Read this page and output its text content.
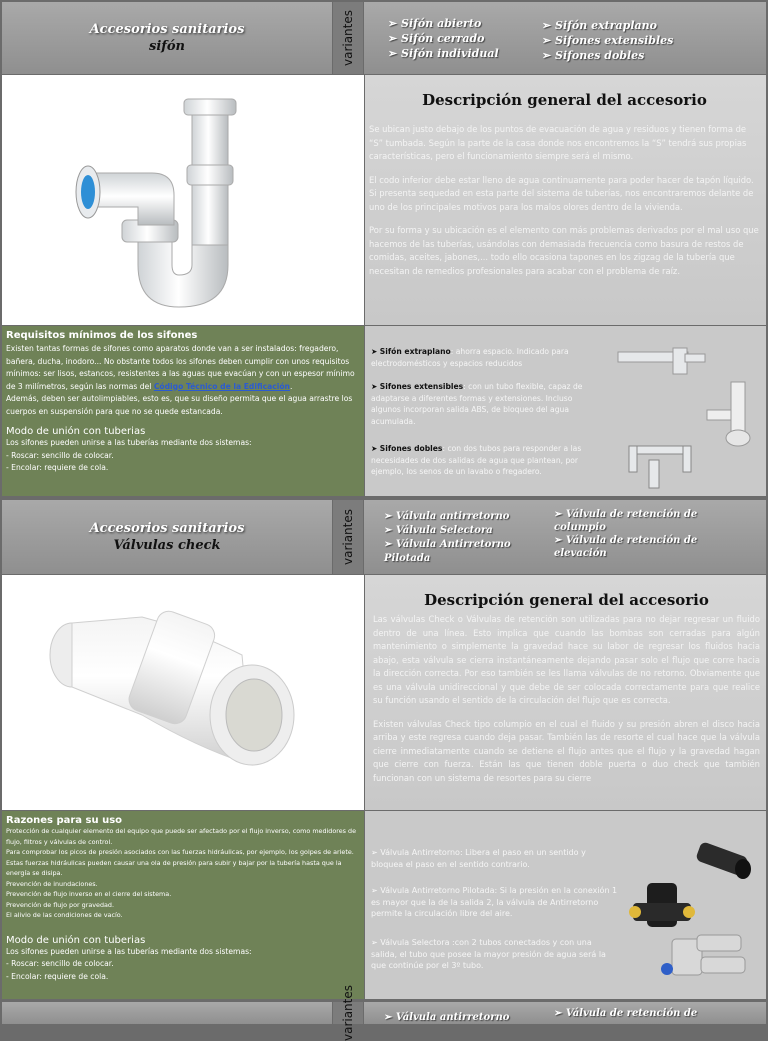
Accesorios sanitarios
sifón	variantes	➢ Sifón abierto
➢ Sifón cerrado
➢ Sifón individual
➢ Sifón extraplano
➢ Sifones extensibles
➢ Sifones dobles
Descripción general del accesorio

Se ubican justo debajo de los puntos de evacuación de agua y residuos y tienen forma de “S” tumbada. Según la parte de la casa donde nos encontremos la “S” tendrá sus propias características, pero el funcionamiento siempre será el mismo.

El codo inferior debe estar lleno de agua continuamente para poder hacer de tapón líquido. Si presenta sequedad en esta parte del sistema de tuberías, nos encontraremos delante de uno de los principales motivos para los malos olores dentro de la vivienda.

Por su forma y su ubicación es el elemento con más problemas derivados por el mal uso que hacemos de las tuberías, usándolas con demasiada frecuencia como basura de restos de comidas, aceites, jabones,... todo ello ocasiona tapones en los zigzag de la tubería que necesitan de remedios profesionales para acabar con el problema de raíz.

Requisitos mínimos de los sifones

Existen tantas formas de sifones como aparatos donde van a ser instalados: fregadero, bañera, ducha, inodoro... No obstante todos los sifones deben cumplir con unos requisitos mínimos: ser lisos, estancos, resistentes a las aguas que evacúan y con un espesor mínimo de 3 milímetros, según las normas del Código Técnico de la Edificación.

Además, deben ser autolimpiables, esto es, que su diseño permita que el agua arrastre los cuerpos en suspensión para que no se quede estancada.

Modo de unión con tuberias

Los sifones pueden unirse a las tuberías mediante dos sistemas:

- Roscar: sencillo de colocar.

- Encolar: requiere de cola.

➤ Sifón extraplano: ahorra espacio. Indicado para electrodomésticos y espacios reducidos
➤ Sifones extensibles: con un tubo flexible, capaz de adaptarse a diferentes formas y extensiones. Incluso algunos incorporan salida ABS, de bloqueo del agua acumulada.
➤ Sifones dobles: con dos tubos para responder a las necesidades de dos salidas de agua que plantean, por ejemplo, los senos de un lavabo o fregadero.
Accesorios sanitarios
Válvulas check	variantes	➢ Válvula antirretorno
➢ Válvula Selectora
➢ Válvula Antirretorno Pilotada
➢ Válvula de retención de columpio
➢ Válvula de retención de elevación
Descripción general del accesorio

Las válvulas Check o Válvulas de retención son utilizadas para no dejar regresar un fluido dentro de una línea. Esto implica que cuando las bombas son cerradas para algún mantenimiento o simplemente la gravedad hace su labor de regresar los fluidos hacia abajo, esta válvula se cierra instantáneamente dejando pasar solo el flujo que corre hacia la dirección correcta. Por eso también se les llama válvulas de no retorno. Obviamente que es una válvula unidireccional y que debe de ser colocada correctamente para que realice su función usando el sentido de la circulación del flujo que es correcta.

Existen válvulas Check tipo columpio en el cual el fluido y su presión abren el disco hacia arriba y este regresa cuando deja pasar. También las de resorte el cual hace que la válvula cierre inmediatamente cuando se detiene el flujo antes que el flujo y la gravedad hagan que cierre con fuerza. Están las que tienen doble puerta o duo check que también funcionan con un sistema de resortes para su cierre

Razones para su uso

Protección de cualquier elemento del equipo que puede ser afectado por el flujo inverso, como medidores de flujo, filtros y válvulas de control.

Para comprobar los picos de presión asociados con las fuerzas hidráulicas, por ejemplo, los golpes de ariete. Estas fuerzas hidráulicas pueden causar una ola de presión para subir y bajar por la tubería hasta que la energía se disipa.

Prevención de inundaciones.

Prevención de flujo inverso en el cierre del sistema.

Prevención de flujo por gravedad.

El alivio de las condiciones de vacío.

Modo de unión con tuberias

Los sifones pueden unirse a las tuberías mediante dos sistemas:

- Roscar: sencillo de colocar.

- Encolar: requiere de cola.

➢ Válvula Antirretorno: Libera el paso en un sentido y bloquea el paso en el sentido contrario.
➢ Válvula Antirretorno Pilotada: Si la presión en la conexión 1 es mayor que la de la salida 2, la válvula de Antirretorno permite la circulación libre del aire.
➢ Válvula Selectora :con 2 tubos conectados y con una salida, el tubo que posee la mayor presión de agua será la que continúe por el 3º tubo.
variantes	➢ Válvula antirretorno	➢ Válvula de retención de
